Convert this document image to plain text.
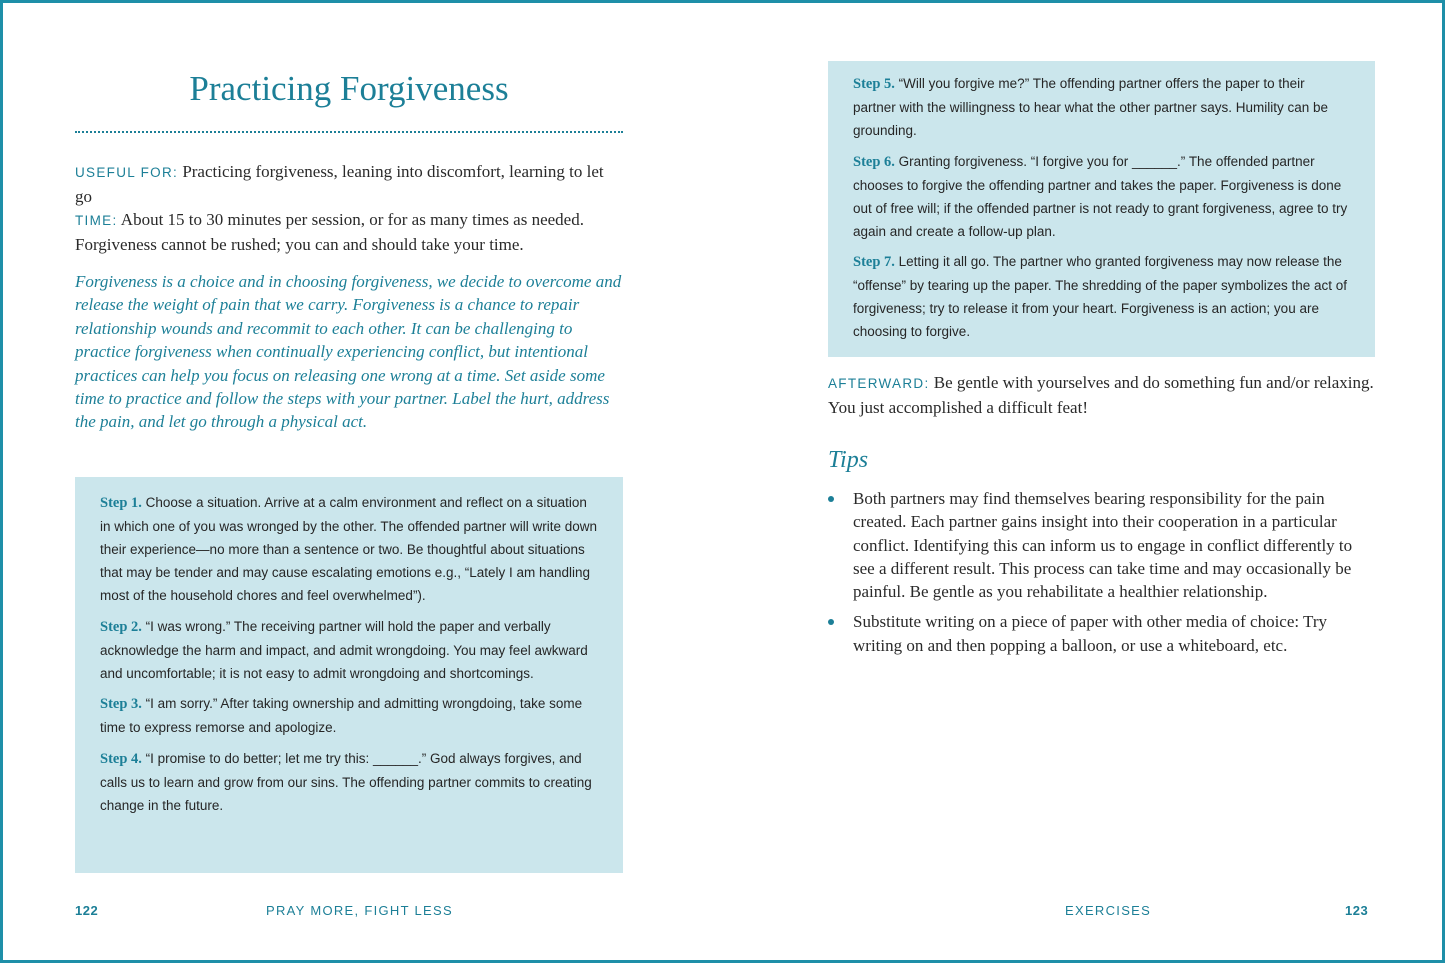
Practicing Forgiveness

USEFUL FOR: Practicing forgiveness, leaning into discomfort, learning to let go

TIME: About 15 to 30 minutes per session, or for as many times as needed. Forgiveness cannot be rushed; you can and should take your time.

Forgiveness is a choice and in choosing forgiveness, we decide to overcome and release the weight of pain that we carry. Forgiveness is a chance to repair relationship wounds and recommit to each other. It can be challenging to practice forgiveness when continually experiencing conflict, but intentional practices can help you focus on releasing one wrong at a time. Set aside some time to practice and follow the steps with your partner. Label the hurt, address the pain, and let go through a physical act.

Step 1. Choose a situation. Arrive at a calm environment and reflect on a situation in which one of you was wronged by the other. The offended partner will write down their experience—no more than a sentence or two. Be thoughtful about situations that may be tender and may cause escalating emotions e.g., “Lately I am handling most of the household chores and feel overwhelmed”).

Step 2. “I was wrong.” The receiving partner will hold the paper and verbally acknowledge the harm and impact, and admit wrongdoing. You may feel awkward and uncomfortable; it is not easy to admit wrongdoing and shortcomings.

Step 3. “I am sorry.” After taking ownership and admitting wrongdoing, take some time to express remorse and apologize.

Step 4. “I promise to do better; let me try this: ______.” God always forgives, and calls us to learn and grow from our sins. The offending partner commits to creating change in the future.

122	PRAY MORE, FIGHT LESS

Step 5. “Will you forgive me?” The offending partner offers the paper to their partner with the willingness to hear what the other partner says. Humility can be grounding.

Step 6. Granting forgiveness. “I forgive you for ______.” The offended partner chooses to forgive the offending partner and takes the paper. Forgiveness is done out of free will; if the offended partner is not ready to grant forgiveness, agree to try again and create a follow-up plan.

Step 7. Letting it all go. The partner who granted forgiveness may now release the “offense” by tearing up the paper. The shredding of the paper symbolizes the act of forgiveness; try to release it from your heart. Forgiveness is an action; you are choosing to forgive.

AFTERWARD: Be gentle with yourselves and do something fun and/or relaxing. You just accomplished a difficult feat!

Tips
Both partners may find themselves bearing responsibility for the pain created. Each partner gains insight into their cooperation in a particular conflict. Identifying this can inform us to engage in conflict differently to see a different result. This process can take time and may occasionally be painful. Be gentle as you rehabilitate a healthier relationship.
Substitute writing on a piece of paper with other media of choice: Try writing on and then popping a balloon, or use a whiteboard, etc.
EXERCISES	123
